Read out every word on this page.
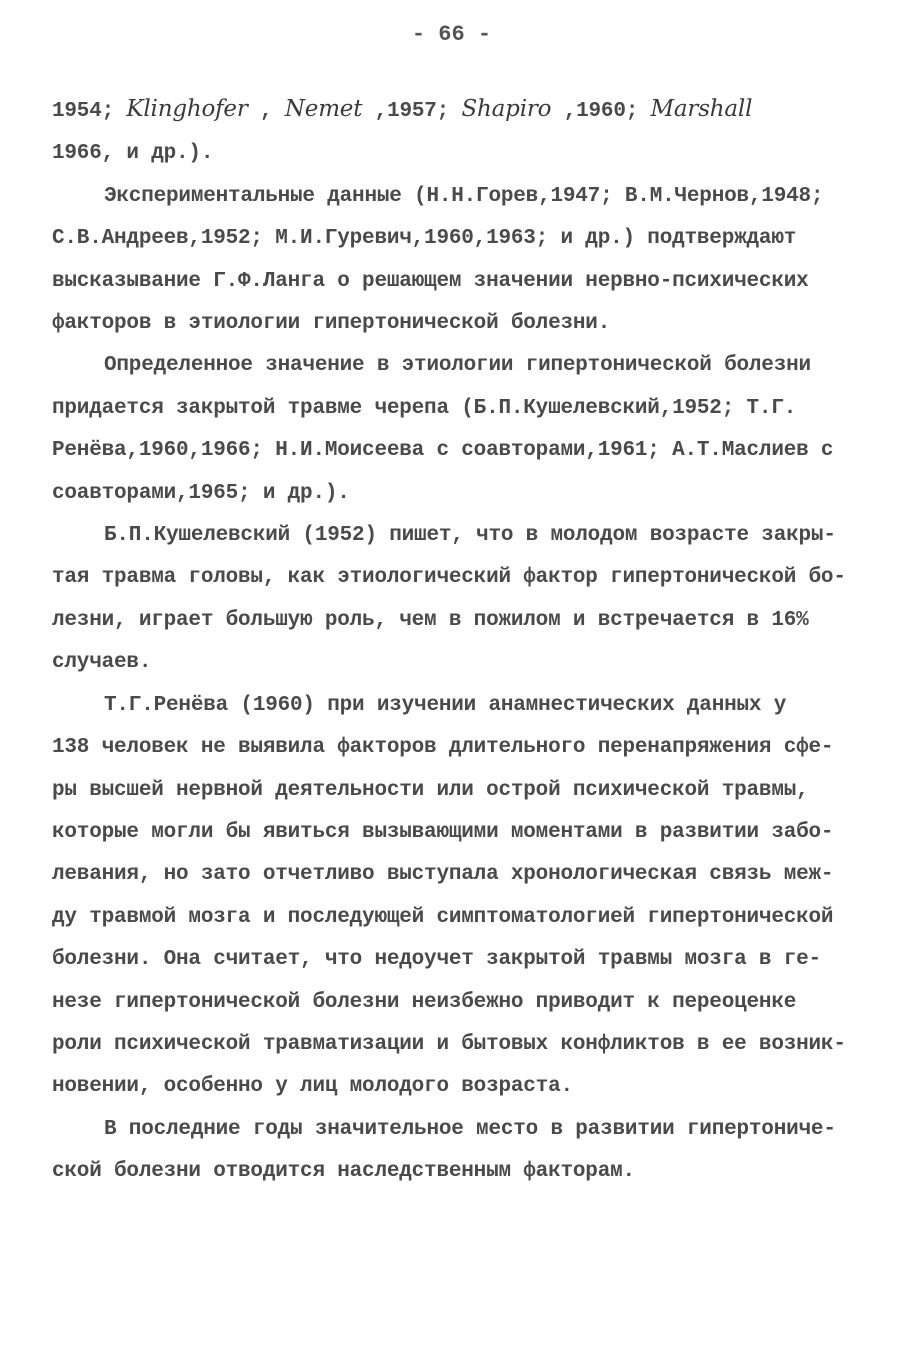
- 66 -
1954; Klinghofer , Nemet ,1957; Shapiro ,1960; Marshall
1966, и др.).
Экспериментальные данные (Н.Н.Горев,1947; В.М.Чернов,1948;
С.В.Андреев,1952; М.И.Гуревич,1960,1963; и др.) подтверждают
высказывание Г.Ф.Ланга о решающем значении нервно-психических
факторов в этиологии гипертонической болезни.
Определенное значение в этиологии гипертонической болезни
придается закрытой травме черепа (Б.П.Кушелевский,1952; Т.Г.
Ренёва,1960,1966; Н.И.Моисеева с соавторами,1961; А.Т.Маслиев с
соавторами,1965; и др.).
Б.П.Кушелевский (1952) пишет, что в молодом возрасте закры-
тая травма головы, как этиологический фактор гипертонической бо-
лезни, играет большую роль, чем в пожилом и встречается в 16%
случаев.
Т.Г.Ренёва (1960) при изучении анамнестических данных у
138 человек не выявила факторов длительного перенапряжения сфе-
ры высшей нервной деятельности или острой психической травмы,
которые могли бы явиться вызывающими моментами в развитии забо-
левания, но зато отчетливо выступала хронологическая связь меж-
ду травмой мозга и последующей симптоматологией гипертонической
болезни. Она считает, что недоучет закрытой травмы мозга в ге-
незе гипертонической болезни неизбежно приводит к переоценке
роли психической травматизации и бытовых конфликтов в ее возник-
новении, особенно у лиц молодого возраста.
В последние годы значительное место в развитии гипертониче-
ской болезни отводится наследственным факторам.
